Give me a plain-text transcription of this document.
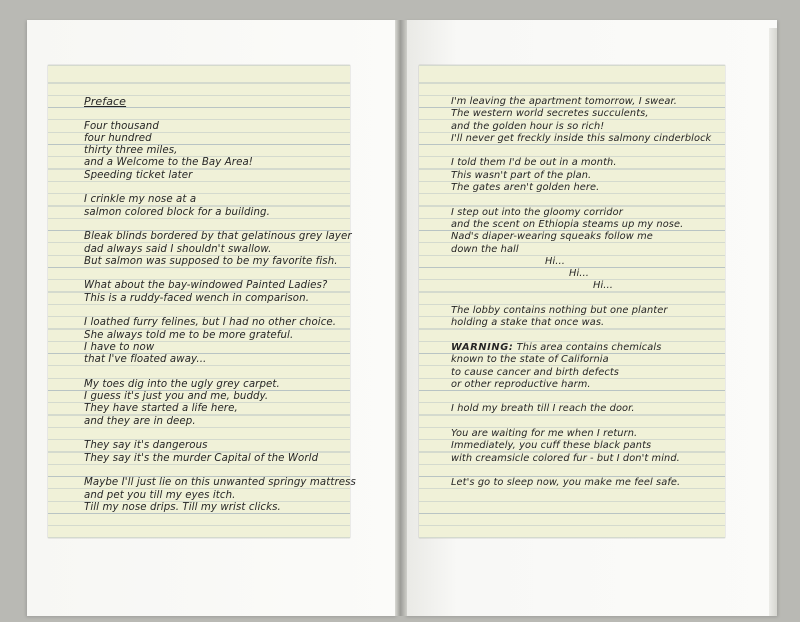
Preface
Four thousand
four hundred
thirty three miles,
and a Welcome to the Bay Area!
Speeding ticket later
I crinkle my nose at a
salmon colored block for a building.
Bleak blinds bordered by that gelatinous grey layer
dad always said I shouldn't swallow.
But salmon was supposed to be my favorite fish.
What about the bay-windowed Painted Ladies?
This is a ruddy-faced wench in comparison.
I loathed furry felines, but I had no other choice.
She always told me to be more grateful.
I have to now
that I've floated away...
My toes dig into the ugly grey carpet.
I guess it's just you and me, buddy.
They have started a life here,
and they are in deep.
They say it's dangerous
They say it's the murder Capital of the World
Maybe I'll just lie on this unwanted springy mattress
and pet you till my eyes itch.
Till my nose drips. Till my wrist clicks.
I'm leaving the apartment tomorrow, I swear.
The western world secretes succulents,
and the golden hour is so rich!
I'll never get freckly inside this salmony cinderblock
I told them I'd be out in a month.
This wasn't part of the plan.
The gates aren't golden here.
I step out into the gloomy corridor
and the scent on Ethiopia steams up my nose.
Nad's diaper-wearing squeaks follow me
down the hall
Hi...
Hi...
Hi...
The lobby contains nothing but one planter
holding a stake that once was.
WARNING: This area contains chemicals
known to the state of California
to cause cancer and birth defects
or other reproductive harm.
I hold my breath till I reach the door.
You are waiting for me when I return.
Immediately, you cuff these black pants
with creamsicle colored fur - but I don't mind.
Let's go to sleep now, you make me feel safe.
